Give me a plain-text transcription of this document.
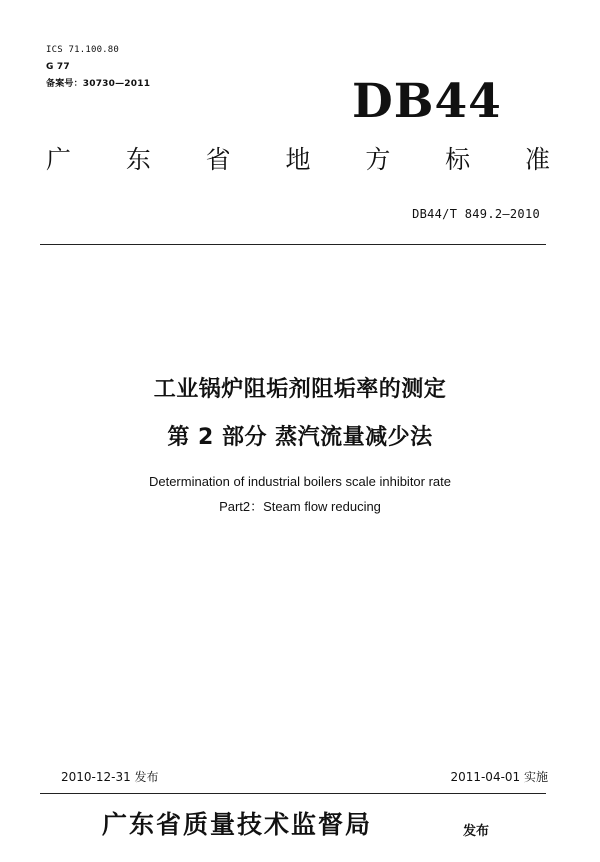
ICS 71.100.80
G 77
备案号：30730—2011	DB44
广 东 省 地 方 标 准
DB44/T 849.2—2010
工业锅炉阻垢剂阻垢率的测定
第 2 部分 蒸汽流量减少法
Determination of industrial boilers scale inhibitor rate
Part2：Steam flow reducing
2010-12-31 发布	2011-04-01 实施
广东省质量技术监督局	发布
